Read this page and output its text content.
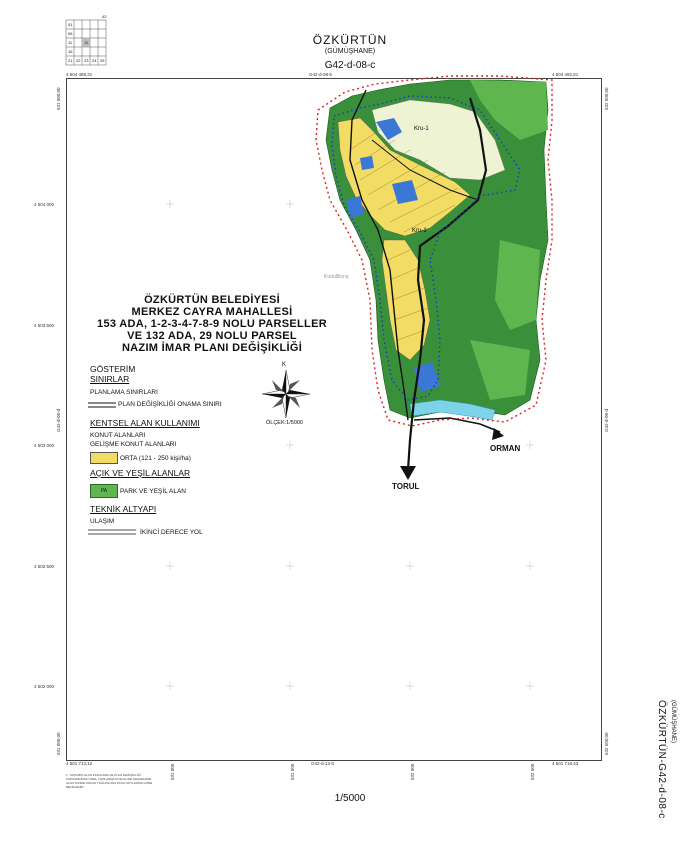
ÖZKÜRTÜN
(GÜMÜŞHANE)
G42-d-08-c
42
01
06
11
16
21 22 23 24 25
D
4 504 469,31	G42-d-08-b	4 504 492,61
4 501 713,12	G42-d-13-b	4 501 716,43
531 000,00
531 000,00
532 500,00
532 500,00
G42-d-08-d	G42-d-08-d
4 504 000
4 503 500
4 503 000
4 502 500
4 502 000
531 000	531 500	532 000	532 500
Kru-1
Kru-1
KurtulBorsj
ORMAN
TORUL
ÖZKÜRTÜN BELEDİYESİ
MERKEZ CAYRA MAHALLESİ
153 ADA, 1-2-3-4-7-8-9 NOLU PARSELLER
VE 132 ADA, 29 NOLU PARSEL
NAZIM İMAR PLANI DEĞİŞİKLİĞİ
GÖSTERİM
SINIRLAR
PLANLAMA SINIRLARI
PLAN DEĞİŞİKLİĞİ ONAMA SINIRI
KENTSEL ALAN KULLANIMI
KONUT ALANLARI
GELİŞME KONUT ALANLARI
ORTA (121 - 250 kişi/ha)
AÇIK VE YEŞİL ALANLAR
PA	PARK VE YEŞİL ALAN
TEKNİK ALTYAPI
ULAŞIM
İKİNCİ DERECE YOL
K
ÖLÇEK:1/5000
1. YAPILMIŞ OLAN PLANLAMA VE PLAN DEĞİŞİKLİĞİ KAPSAMINDAKİ ÖZEL YAPILAŞMA KOŞULLARI GEÇERLİDİR. ALAN İÇİNDE NÜFUS YOĞUNLUĞU PLAN NOTLARINA GÖRE BELİRLENİR.
1/5000	ÖZKÜRTÜN-G42-d-08-c (GÜMÜŞHANE)
